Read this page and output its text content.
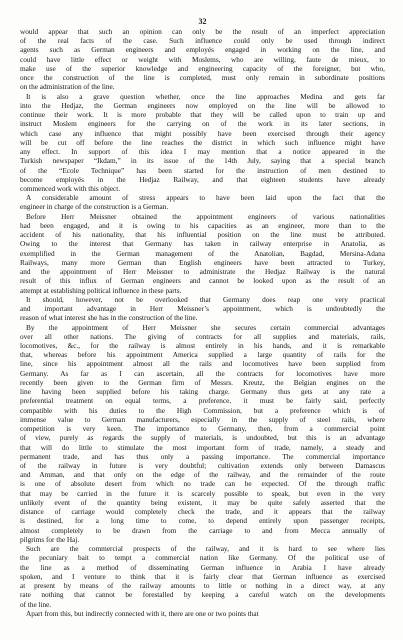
32
would appear that such an opinion can only be the result of an imperfect appreciation
of the real facts of the case. Such influence could only be used through indirect
agents such as German engineers and employés engaged in working on the line, and
could have little effect or weight with Moslems, who are willing, faute de mieux, to
make use of the superior knowledge and engineering capacity of the foreigner, but who,
once the construction of the line is completed, must only remain in subordinate positions
on the administration of the line.
It is also a grave question whether, once the line approaches Medina and gets far
into the Hedjaz, the German engineers now employed on the line will be allowed to
continue their work. It is more probable that they will be called upon to train up and
instruct Moslem engineers for the carrying on of the work in its later sections, in
which case any influence that might possibly have been exercised through their agency
will be cut off before the line reaches the district in which such influence might have
any effect. In support of this idea I may mention that a notice appeared in the
Turkish newspaper “Ikdam,” in its issue of the 14th July, saying that a special branch
of the “Ecole Technique” has been started for the instruction of men destined to
become employés in the Hedjaz Railway, and that eighteen students have already
commenced work with this object.
A considerable amount of stress appears to have been laid upon the fact that the
engineer in charge of the construction is a German.
Before Herr Meissner obtained the appointment engineers of various nationalities
had been engaged, and it is owing to his capacities as an engineer, more than to the
accident of his nationality, that his influential position on the line must be attributed.
Owing to the interest that Germany has taken in railway enterprise in Anatolia, as
exemplified in the German management of the Anatolian, Bagdad, Mersina-Adana
Railways, many more German than English engineers have been attracted to Turkey,
and the appointment of Herr Meissner to administrate the Hedjaz Railway is the natural
result of this influx of German engineers and cannot be looked upon as the result of an
attempt at establishing political influence in these parts.
It should, however, not be overlooked that Germany does reap one very practical
and important advantage in Herr Meissner’s appointment, which is undoubtedly the
reason of what interest she has in the construction of the line.
By the appointment of Herr Meissner she secures certain commercial advantages
over all other nations. The giving of contracts for all supplies and materials, rails,
locomotives, &c., for the railway is almost entirely in his hands, and it is remarkable
that, whereas before his appointment America supplied a large quantity of rails for the
line, since his appointment almost all the rails and locomotives have been supplied from
Germany. As far as I can ascertain, all the contracts for locomotives have more
recently been given to the German firm of Messrs. Kreutz, the Belgian engines on the
line having been supplied before his taking charge. Germany thus gets at any rate a
preferential treatment on equal terms, a preference, it must be fairly said, perfectly
compatible with his duties to the High Commission, but a preference which is of
immense value to German manufacturers, especially in the supply of steel rails, where
competition is very keen. The importance to Germany, then, from a commercial point
of view, purely as regards the supply of materials, is undoubted, but this is an advantage
that will do little to stimulate the most important form of trade, namely, a steady and
permanent trade, and has thus only a passing importance. The commercial importance
of the railway in future is very doubtful; cultivation extends only between Damascus
and Amman, and that only on the edge of the railway, and the remainder of the route
is one of absolute desert from which no trade can be expected. Of the through traffic
that may be carried in the future it is scarcely possible to speak, but even in the very
unlikely event of the quantity being existent, it may be quite safely asserted that the
distance of carriage would completely check the trade, and it appears that the railway
is destined, for a long time to come, to depend entirely upon passenger receipts,
almost completely to be drawn from the carriage to and from Mecca annually of
pilgrims for the Haj.
Such are the commercial prospects of the railway, and it is hard to see where lies
the pecuniary bait to tempt a commercial nation like Germany. Of the political use of
the line as a method of disseminating German influence in Arabia I have already
spoken, and I venture to think that it is fairly clear that German influence as exercised
at present by means of the railway amounts to little or nothing in a direct way, at any
rate nothing that cannot be forestalled by keeping a careful watch on the developments
of the line.
Apart from this, but indirectly connected with it, there are one or two points that
